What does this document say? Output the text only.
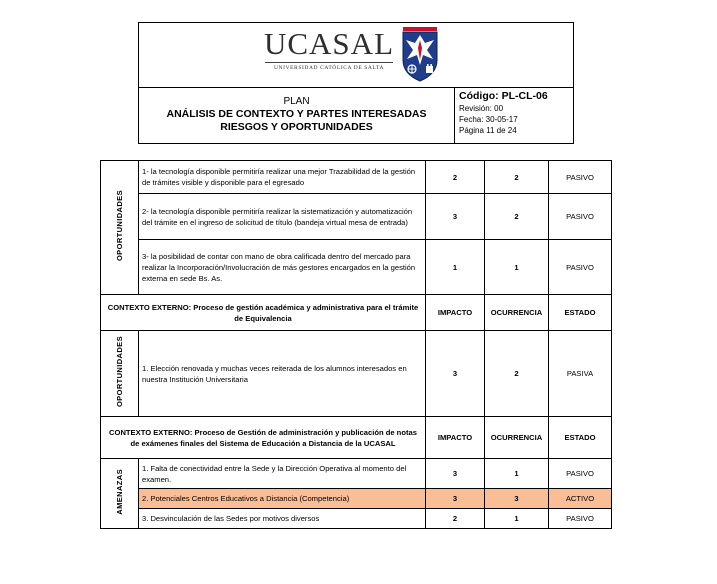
UCASAL
UNIVERSIDAD CATÓLICA DE SALTA
PLAN
ANÁLISIS DE CONTEXTO Y PARTES INTERESADAS
RIESGOS Y OPORTUNIDADES
Código: PL-CL-06
Revisión: 00
Fecha: 30-05-17
Página 11 de 24
OPORTUNIDADES	1- la tecnología disponible permitiría realizar una mejor Trazabilidad de la gestión de trámites visible y disponible para el egresado	2	2	PASIVO
	2- la tecnología disponible permitiría realizar la sistematización y automatización del trámite en el ingreso de solicitud de título (bandeja virtual mesa de entrada)	3	2	PASIVO
	3- la posibilidad de contar con mano de obra calificada dentro del mercado para realizar la Incorporación/Involucración de más gestores encargados en la gestión externa en sede Bs. As.	1	1	PASIVO
CONTEXTO EXTERNO: Proceso de gestión académica y administrativa para el trámite de Equivalencia		IMPACTO	OCURRENCIA	ESTADO
OPORTUNIDADES	1. Elección renovada y muchas veces reiterada de los alumnos interesados en nuestra Institución Universitaria	3	2	PASIVA
CONTEXTO EXTERNO: Proceso de Gestión de administración y publicación de notas de exámenes finales del Sistema de Educación a Distancia de la UCASAL		IMPACTO	OCURRENCIA	ESTADO
AMENAZAS	1. Falta de conectividad entre la Sede y la Dirección Operativa al momento del examen.	3	1	PASIVO
	2. Potenciales Centros Educativos a Distancia (Competencia)	3	3	ACTIVO
	3. Desvinculación de las Sedes por motivos diversos	2	1	PASIVO
